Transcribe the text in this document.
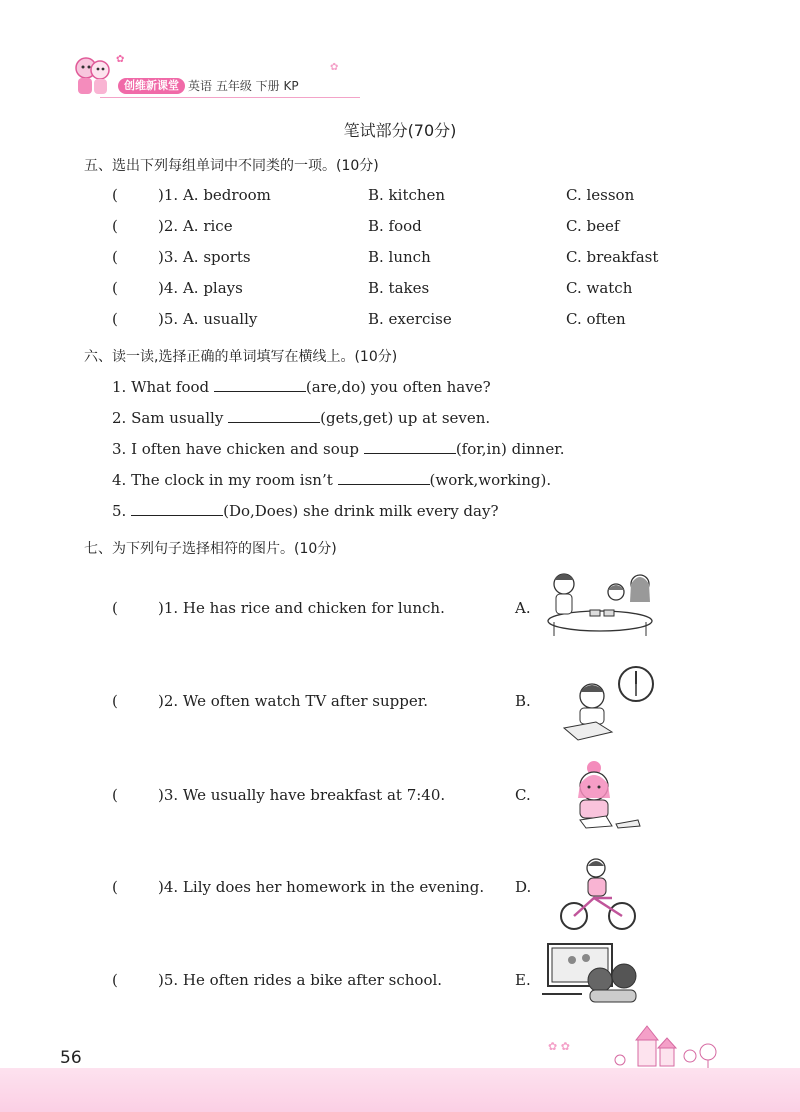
✿
✿
创维新课堂 英语 五年级 下册 KP
笔试部分(70分)
五、选出下列每组单词中不同类的一项。(10分)
(	)1. A. bedroom	B. kitchen	C. lesson
(	)2. A. rice	B. food	C. beef
(	)3. A. sports	B. lunch	C. breakfast
(	)4. A. plays	B. takes	C. watch
(	)5. A. usually	B. exercise	C. often
六、读一读,选择正确的单词填写在横线上。(10分)
1. What food	(are,do) you often have?
2. Sam usually	(gets,get) up at seven.
3. I often have chicken and soup	(for,in) dinner.
4. The clock in my room isn’t	(work,working).
5.	(Do,Does) she drink milk every day?
七、为下列句子选择相符的图片。(10分)
(	)1. He has rice and chicken for lunch.	A.
(	)2. We often watch TV after supper.	B.
(	)3. We usually have breakfast at 7:40.	C.
(	)4. Lily does her homework in the evening. D.
(	)5. He often rides a bike after school.	E.
56
✿ ✿
